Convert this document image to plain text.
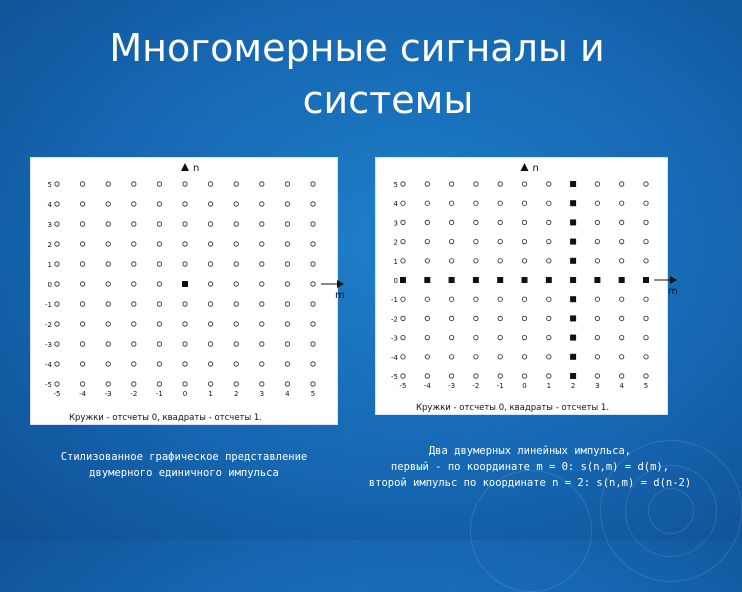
Многомерные сигналы и
системы
Кружки - отсчеты 0, квадраты - отсчеты 1.
m
n
5
4
3
2
1
0
-1
-2
-3
-4
-5
-5	-4	-3	-2	-1	0	1	2	3	4	5
Кружки - отсчеты 0, квадраты - отсчеты 1.
m
n
5
4
3
2
1
0
-1
-2
-3
-4
-5
-5 -4 -3 -2 -1	0	1	2	3	4	5
Стилизованное графическое представление
двумерного единичного импульса
Два двумерных линейных импульса,
первый - по координате m = 0: s(n,m) = d(m),
второй импульс по координате n = 2: s(n,m) = d(n-2)
